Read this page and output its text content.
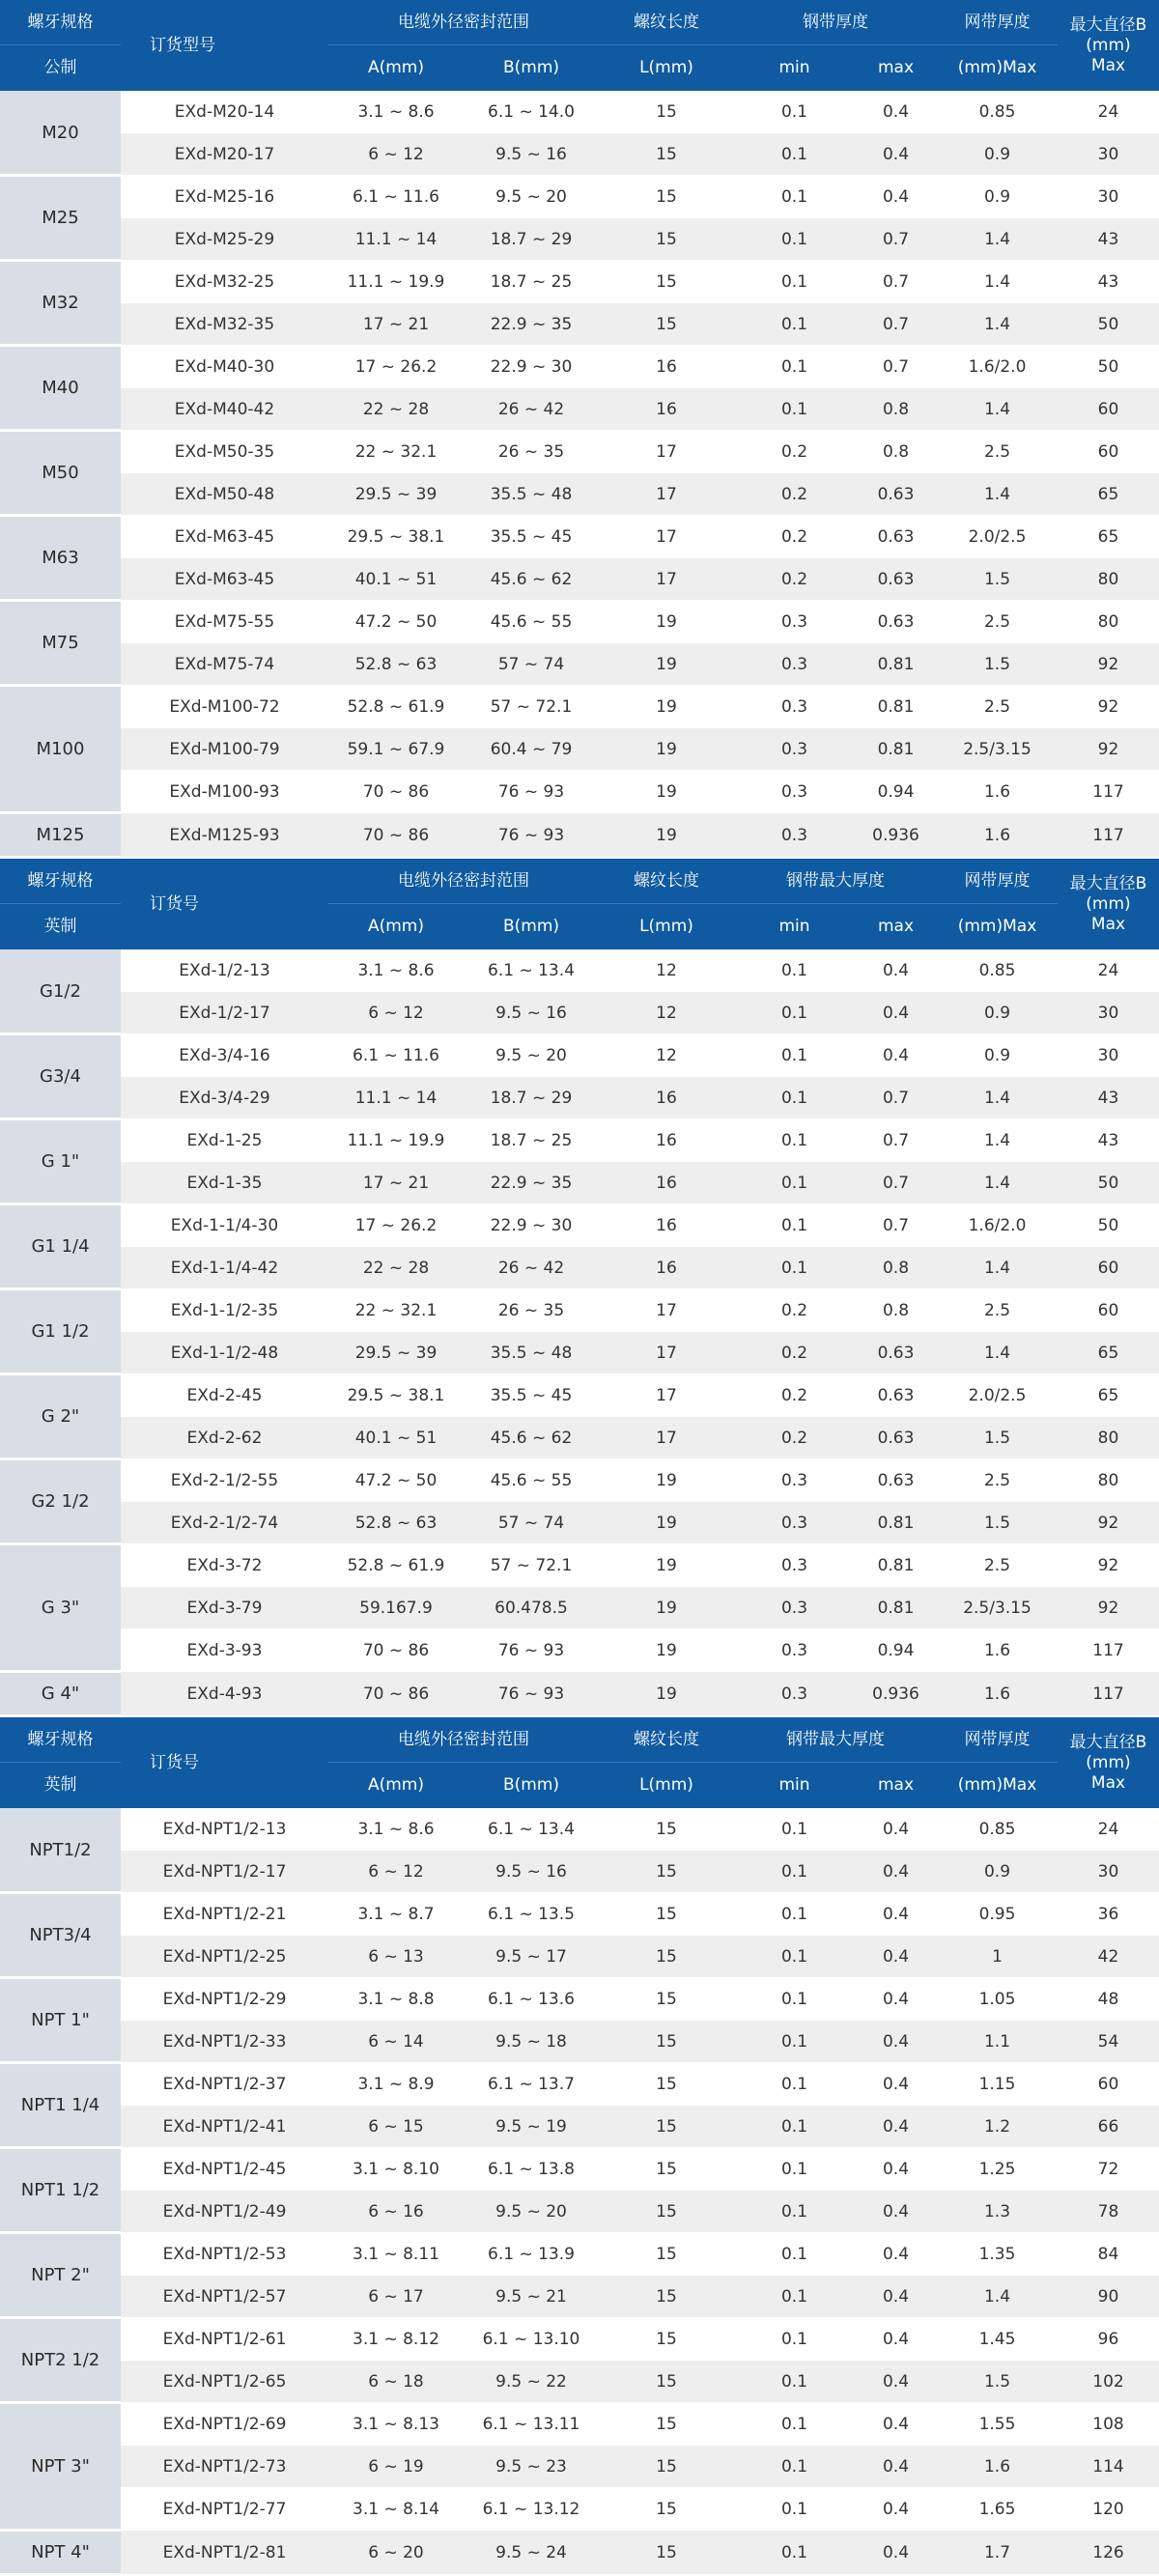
螺牙规格	订货型号	电缆外径密封范围		螺纹长度	钢带厚度		网带厚度	最大直径B
(mm)
Max

公制		A(mm)	B(mm)	L(mm)	min	max	(mm)Max	
M20	EXd-M20-14	3.1 ~ 8.6	6.1 ~ 14.0	15	0.1	0.4	0.85	24
	EXd-M20-17	6 ~ 12	9.5 ~ 16	15	0.1	0.4	0.9	30
M25	EXd-M25-16	6.1 ~ 11.6	9.5 ~ 20	15	0.1	0.4	0.9	30
	EXd-M25-29	11.1 ~ 14	18.7 ~ 29	15	0.1	0.7	1.4	43
M32	EXd-M32-25	11.1 ~ 19.9	18.7 ~ 25	15	0.1	0.7	1.4	43
	EXd-M32-35	17 ~ 21	22.9 ~ 35	15	0.1	0.7	1.4	50
M40	EXd-M40-30	17 ~ 26.2	22.9 ~ 30	16	0.1	0.7	1.6/2.0	50
	EXd-M40-42	22 ~ 28	26 ~ 42	16	0.1	0.8	1.4	60
M50	EXd-M50-35	22 ~ 32.1	26 ~ 35	17	0.2	0.8	2.5	60
	EXd-M50-48	29.5 ~ 39	35.5 ~ 48	17	0.2	0.63	1.4	65
M63	EXd-M63-45	29.5 ~ 38.1	35.5 ~ 45	17	0.2	0.63	2.0/2.5	65
	EXd-M63-45	40.1 ~ 51	45.6 ~ 62	17	0.2	0.63	1.5	80
M75	EXd-M75-55	47.2 ~ 50	45.6 ~ 55	19	0.3	0.63	2.5	80
	EXd-M75-74	52.8 ~ 63	57 ~ 74	19	0.3	0.81	1.5	92
M100	EXd-M100-72	52.8 ~ 61.9	57 ~ 72.1	19	0.3	0.81	2.5	92
	EXd-M100-79	59.1 ~ 67.9	60.4 ~ 79	19	0.3	0.81	2.5/3.15	92
	EXd-M100-93	70 ~ 86	76 ~ 93	19	0.3	0.94	1.6	117
M125	EXd-M125-93	70 ~ 86	76 ~ 93	19	0.3	0.936	1.6	117
螺牙规格	订货号	电缆外径密封范围		螺纹长度	钢带最大厚度		网带厚度	最大直径B
(mm)
Max

英制		A(mm)	B(mm)	L(mm)	min	max	(mm)Max	
G1/2	EXd-1/2-13	3.1 ~ 8.6	6.1 ~ 13.4	12	0.1	0.4	0.85	24
	EXd-1/2-17	6 ~ 12	9.5 ~ 16	12	0.1	0.4	0.9	30
G3/4	EXd-3/4-16	6.1 ~ 11.6	9.5 ~ 20	12	0.1	0.4	0.9	30
	EXd-3/4-29	11.1 ~ 14	18.7 ~ 29	16	0.1	0.7	1.4	43
G 1"	EXd-1-25	11.1 ~ 19.9	18.7 ~ 25	16	0.1	0.7	1.4	43
	EXd-1-35	17 ~ 21	22.9 ~ 35	16	0.1	0.7	1.4	50
G1 1/4	EXd-1-1/4-30	17 ~ 26.2	22.9 ~ 30	16	0.1	0.7	1.6/2.0	50
	EXd-1-1/4-42	22 ~ 28	26 ~ 42	16	0.1	0.8	1.4	60
G1 1/2	EXd-1-1/2-35	22 ~ 32.1	26 ~ 35	17	0.2	0.8	2.5	60
	EXd-1-1/2-48	29.5 ~ 39	35.5 ~ 48	17	0.2	0.63	1.4	65
G 2"	EXd-2-45	29.5 ~ 38.1	35.5 ~ 45	17	0.2	0.63	2.0/2.5	65
	EXd-2-62	40.1 ~ 51	45.6 ~ 62	17	0.2	0.63	1.5	80
G2 1/2	EXd-2-1/2-55	47.2 ~ 50	45.6 ~ 55	19	0.3	0.63	2.5	80
	EXd-2-1/2-74	52.8 ~ 63	57 ~ 74	19	0.3	0.81	1.5	92
G 3"	EXd-3-72	52.8 ~ 61.9	57 ~ 72.1	19	0.3	0.81	2.5	92
	EXd-3-79	59.167.9	60.478.5	19	0.3	0.81	2.5/3.15	92
	EXd-3-93	70 ~ 86	76 ~ 93	19	0.3	0.94	1.6	117
G 4"	EXd-4-93	70 ~ 86	76 ~ 93	19	0.3	0.936	1.6	117
螺牙规格	订货号	电缆外径密封范围		螺纹长度	钢带最大厚度		网带厚度	最大直径B
(mm)
Max

英制		A(mm)	B(mm)	L(mm)	min	max	(mm)Max	
NPT1/2	EXd-NPT1/2-13	3.1 ~ 8.6	6.1 ~ 13.4	15	0.1	0.4	0.85	24
	EXd-NPT1/2-17	6 ~ 12	9.5 ~ 16	15	0.1	0.4	0.9	30
NPT3/4	EXd-NPT1/2-21	3.1 ~ 8.7	6.1 ~ 13.5	15	0.1	0.4	0.95	36
	EXd-NPT1/2-25	6 ~ 13	9.5 ~ 17	15	0.1	0.4	1	42
NPT 1"	EXd-NPT1/2-29	3.1 ~ 8.8	6.1 ~ 13.6	15	0.1	0.4	1.05	48
	EXd-NPT1/2-33	6 ~ 14	9.5 ~ 18	15	0.1	0.4	1.1	54
NPT1 1/4	EXd-NPT1/2-37	3.1 ~ 8.9	6.1 ~ 13.7	15	0.1	0.4	1.15	60
	EXd-NPT1/2-41	6 ~ 15	9.5 ~ 19	15	0.1	0.4	1.2	66
NPT1 1/2	EXd-NPT1/2-45	3.1 ~ 8.10	6.1 ~ 13.8	15	0.1	0.4	1.25	72
	EXd-NPT1/2-49	6 ~ 16	9.5 ~ 20	15	0.1	0.4	1.3	78
NPT 2"	EXd-NPT1/2-53	3.1 ~ 8.11	6.1 ~ 13.9	15	0.1	0.4	1.35	84
	EXd-NPT1/2-57	6 ~ 17	9.5 ~ 21	15	0.1	0.4	1.4	90
NPT2 1/2	EXd-NPT1/2-61	3.1 ~ 8.12	6.1 ~ 13.10	15	0.1	0.4	1.45	96
	EXd-NPT1/2-65	6 ~ 18	9.5 ~ 22	15	0.1	0.4	1.5	102
NPT 3"	EXd-NPT1/2-69	3.1 ~ 8.13	6.1 ~ 13.11	15	0.1	0.4	1.55	108
	EXd-NPT1/2-73	6 ~ 19	9.5 ~ 23	15	0.1	0.4	1.6	114
	EXd-NPT1/2-77	3.1 ~ 8.14	6.1 ~ 13.12	15	0.1	0.4	1.65	120
NPT 4"	EXd-NPT1/2-81	6 ~ 20	9.5 ~ 24	15	0.1	0.4	1.7	126
